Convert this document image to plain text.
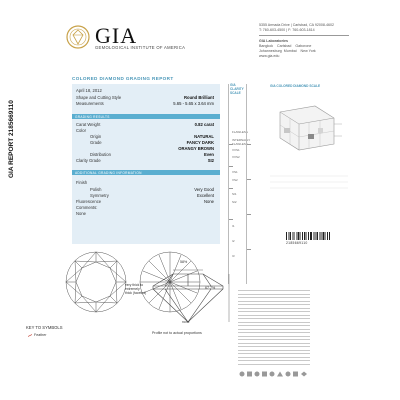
GIA
GEMOLOGICAL INSTITUTE OF AMERICA
5355 Armada Drive | Carlsbad, CA 92008-4602
T: 760-603-4500 | F: 760-603-1814
GIA Laboratories
Bangkok    Carlsbad    Gaborone
Johannesburg  Mumbai    New York
www.gia.edu
COLORED DIAMOND GRADING REPORT
GIA REPORT 2185669110
April 18, 2012
Shape and Cutting Style	Round Brilliant
Measurements	5.65 - 5.65 x 3.64 mm
GRADING RESULTS
Carat Weight	0.82 carat
Color
Origin	NATURAL
Grade	FANCY DARK
ORANGY BROWN
Distribution	Even
Clarity Grade	SI2
ADDITIONAL GRADING INFORMATION
Finish
Polish	Very Good
Symmetry	Excellent
Fluorescence	None
Comments:
None
GIA CLARITY SCALE
FLAWLESS
INTERNALLY FLAWLESS
VVS1
VVS2
VS1
VS2
SI1
SI2
I1
I2
I3
GIA COLORED DIAMOND SCALE
2185669110
58%
67.7%
very thick to extremely thick (faceted)
none
KEY TO SYMBOLS
Feather	Profile not to actual proportions
